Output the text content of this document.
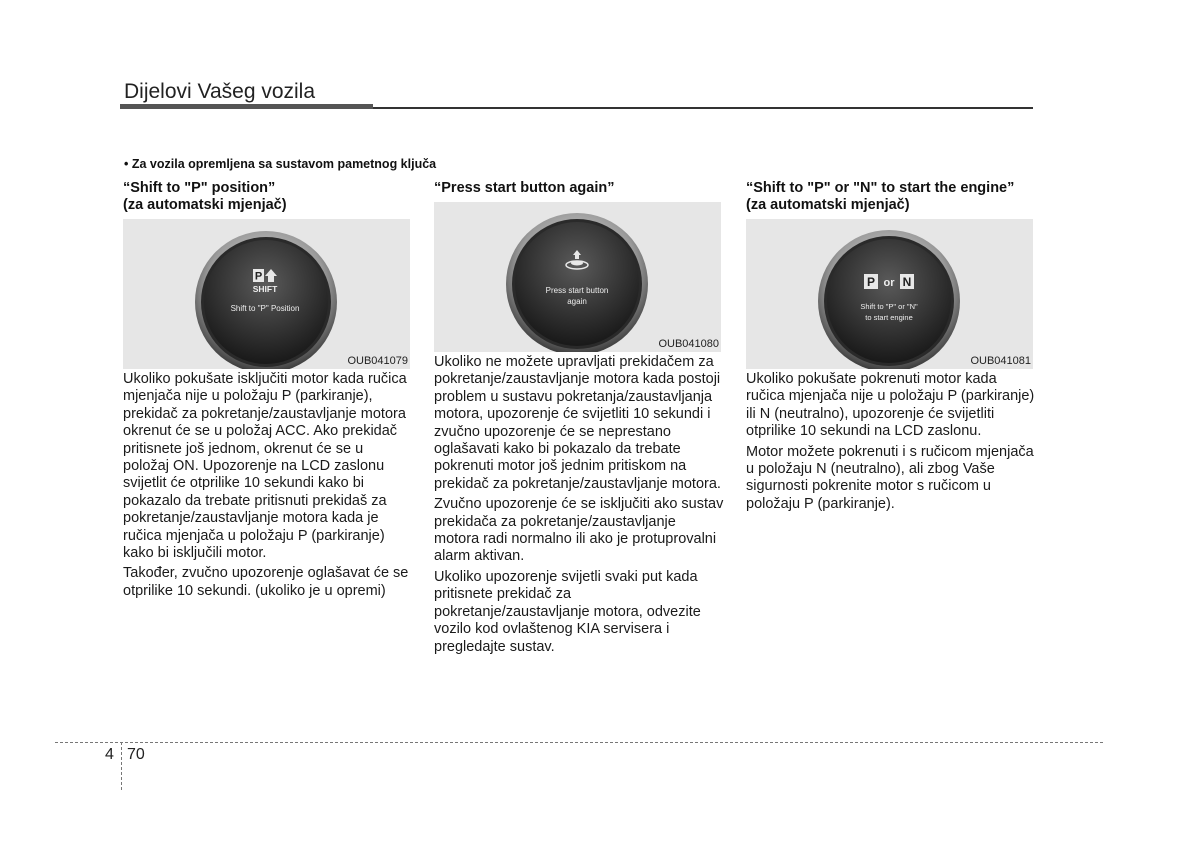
Dijelovi Vašeg vozila
• Za vozila opremljena sa sustavom pametnog ključa
“Shift to "P" position”
(za automatski mjenjač)
P
SHIFT
Shift to "P" Position
OUB041079

Ukoliko pokušate isključiti motor kada ručica mjenjača nije u položaju P (parkiranje), prekidač za pokretanje/zaustavljanje motora okrenut će se u položaj ACC. Ako prekidač pritisnete još jednom, okrenut će se u položaj ON. Upozorenje na LCD zaslonu svijetlit će otprilike 10 sekundi kako bi pokazalo da trebate pritisnuti prekidaš za pokretanje/zaustavljanje motora kada je ručica mjenjača u položaju P (parkiranje) kako bi isključili motor.

Također, zvučno upozorenje oglašavat će se otprilike 10 sekundi. (ukoliko je u opremi)

“Press start button again”
Press start button
again
OUB041080

Ukoliko ne možete upravljati prekidačem za pokretanje/zaustavljanje motora kada postoji problem u sustavu pokretanja/zaustavljanja motora, upozorenje će svijetliti 10 sekundi i zvučno upozorenje će se neprestano oglašavati kako bi pokazalo da trebate pokrenuti motor još jednim pritiskom na prekidač za pokretanje/zaustavljanje motora.

Zvučno upozorenje će se isključiti ako sustav prekidača za pokretanje/zaustavljanje motora radi normalno ili ako je protuprovalni alarm aktivan.

Ukoliko upozorenje svijetli svaki put kada pritisnete prekidač za pokretanje/zaustavljanje motora, odvezite vozilo kod ovlaštenog KIA servisera i pregledajte sustav.

“Shift to "P" or "N" to start the engine” (za automatski mjenjač)
P or N
Shift to "P" or "N"
to start engine
OUB041081

Ukoliko pokušate pokrenuti motor kada ručica mjenjača nije u položaju P (parkiranje) ili N (neutralno), upozorenje će svijetliti otprilike 10 sekundi na LCD zaslonu.

Motor možete pokrenuti i s ručicom mjenjača u položaju N (neutralno), ali zbog Vaše sigurnosti pokrenite motor s ručicom u položaju P (parkiranje).

4 70
